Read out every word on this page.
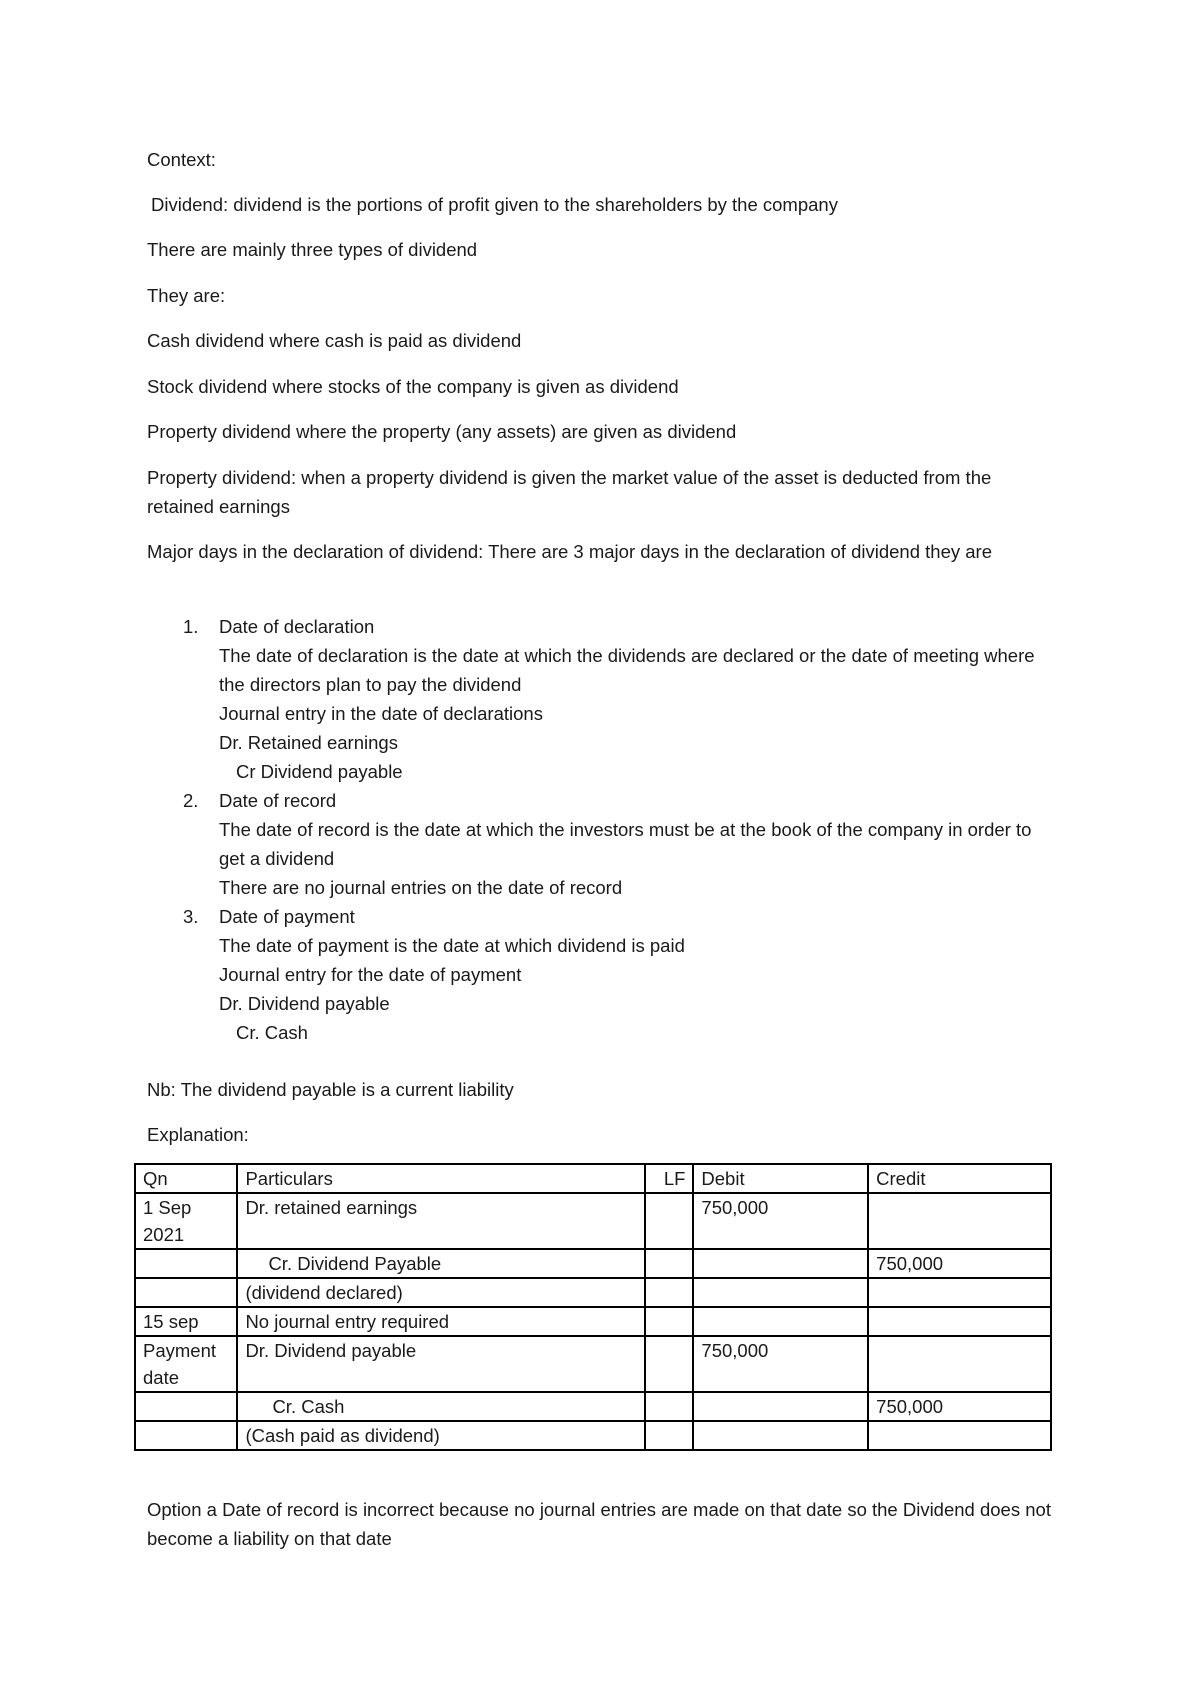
Context:

Dividend: dividend is the portions of profit given to the shareholders by the company

There are mainly three types of dividend

They are:

Cash dividend where cash is paid as dividend

Stock dividend where stocks of the company is given as dividend

Property dividend where the property (any assets) are given as dividend

Property dividend: when a property dividend is given the market value of the asset is deducted from the retained earnings

Major days in the declaration of dividend: There are 3 major days in the declaration of dividend they are

1. Date of declaration
The date of declaration is the date at which the dividends are declared or the date of meeting where the directors plan to pay the dividend
Journal entry in the date of declarations
Dr. Retained earnings
Cr Dividend payable
2. Date of record
The date of record is the date at which the investors must be at the book of the company in order to get a dividend
There are no journal entries on the date of record
3. Date of payment
The date of payment is the date at which dividend is paid
Journal entry for the date of payment
Dr. Dividend payable
Cr. Cash

Nb: The dividend payable is a current liability

Explanation:

Qn	Particulars	LF	Debit	Credit
1 Sep 2021	Dr. retained earnings		750,000	
	Cr. Dividend Payable			750,000
	(dividend declared)			
15 sep	No journal entry required			
Payment date	Dr. Dividend payable		750,000	
	Cr. Cash			750,000
	(Cash paid as dividend)			

Option a Date of record is incorrect because no journal entries are made on that date so the Dividend does not become a liability on that date
